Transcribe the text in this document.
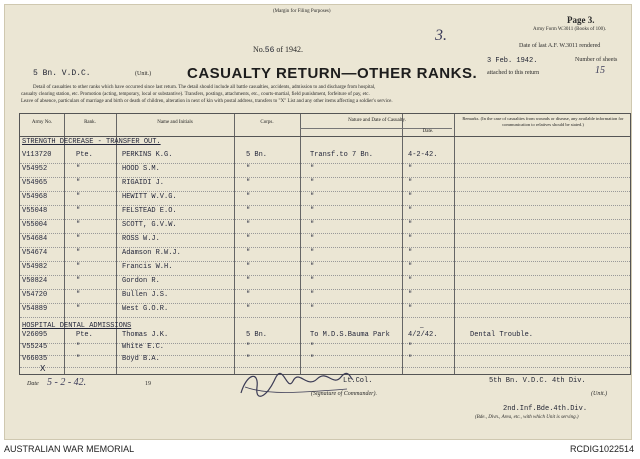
(Margin for Filing Purposes)
Page 3.
Army Form W.3011 (Books of 100).
3.
No.56 of 1942.	Date of last A.F. W.3011 rendered
3 Feb. 1942.	Number of sheets
attached to this return	15
5 Bn. V.D.C.	(Unit.) CASUALTY RETURN—OTHER RANKS.
Detail of casualties to other ranks which have occurred since last return. The detail should include all battle casualties, accidents, admission to and discharge from hospital,
casualty clearing station, etc. Promotion (acting, temporary, local or substantive). Transfers, postings, attachments, etc., courts-martial, field punishment, forfeiture of pay, etc.
Leave of absence, particulars of marriage and birth or death of children, alteration in next of kin with postal address, transfers to "X" List and any other items affecting a soldier's service.
Army No.	Rank.	Name and Initials	Corps.	Nature and Date of Casualty.
Date.
Remarks. (In the case of casualties from wounds or disease, any available information for communication to relatives should be stated.)
STRENGTH DECREASE - TRANSFER OUT.
V113720	Pte.	PERKINS K.G.	5 Bn.	Transf.to 7 Bn.	4-2-42.
V54952	"	HOOD S.M.	"	"	"
V54965	"	RIGAIDI J.	"	"	"
V54968	"	HEWITT W.V.G.	"	"	"
V55048	"	FELSTEAD E.O.	"	"	"
V55004	"	SCOTT, G.V.W.	"	"	"
V54684	"	ROSS W.J.	"	"	"
V54674	"	Adamson R.W.J.	"	"	"
V54982	"	Francis W.H.	"	"	"
V50824	"	Gordon R.	"	"	"
V54720	"	Bullen J.S.	"	"	"
V54889	"	West G.O.R.	"	"	"
HOSPITAL DENTAL ADMISSIONS	—
V26095	Pte.	Thomas J.K.	5 Bn.	To M.D.S.Bauma Park	4/2/42.	Dental Trouble.
V55245	"	White E.C.	"	"	"
V66035	"	Boyd B.A.	"	"	"
X
Date 5 - 2 - 42.	19	Lt.Col.
(Signature of Commander).
5th Bn. V.D.C. 4th Div.
(Unit.)
2nd.Inf.Bde.4th.Div.
(Bde., Divn., Area, etc., with which Unit is serving.)
AUSTRALIAN WAR MEMORIAL	RCDIG1022514
